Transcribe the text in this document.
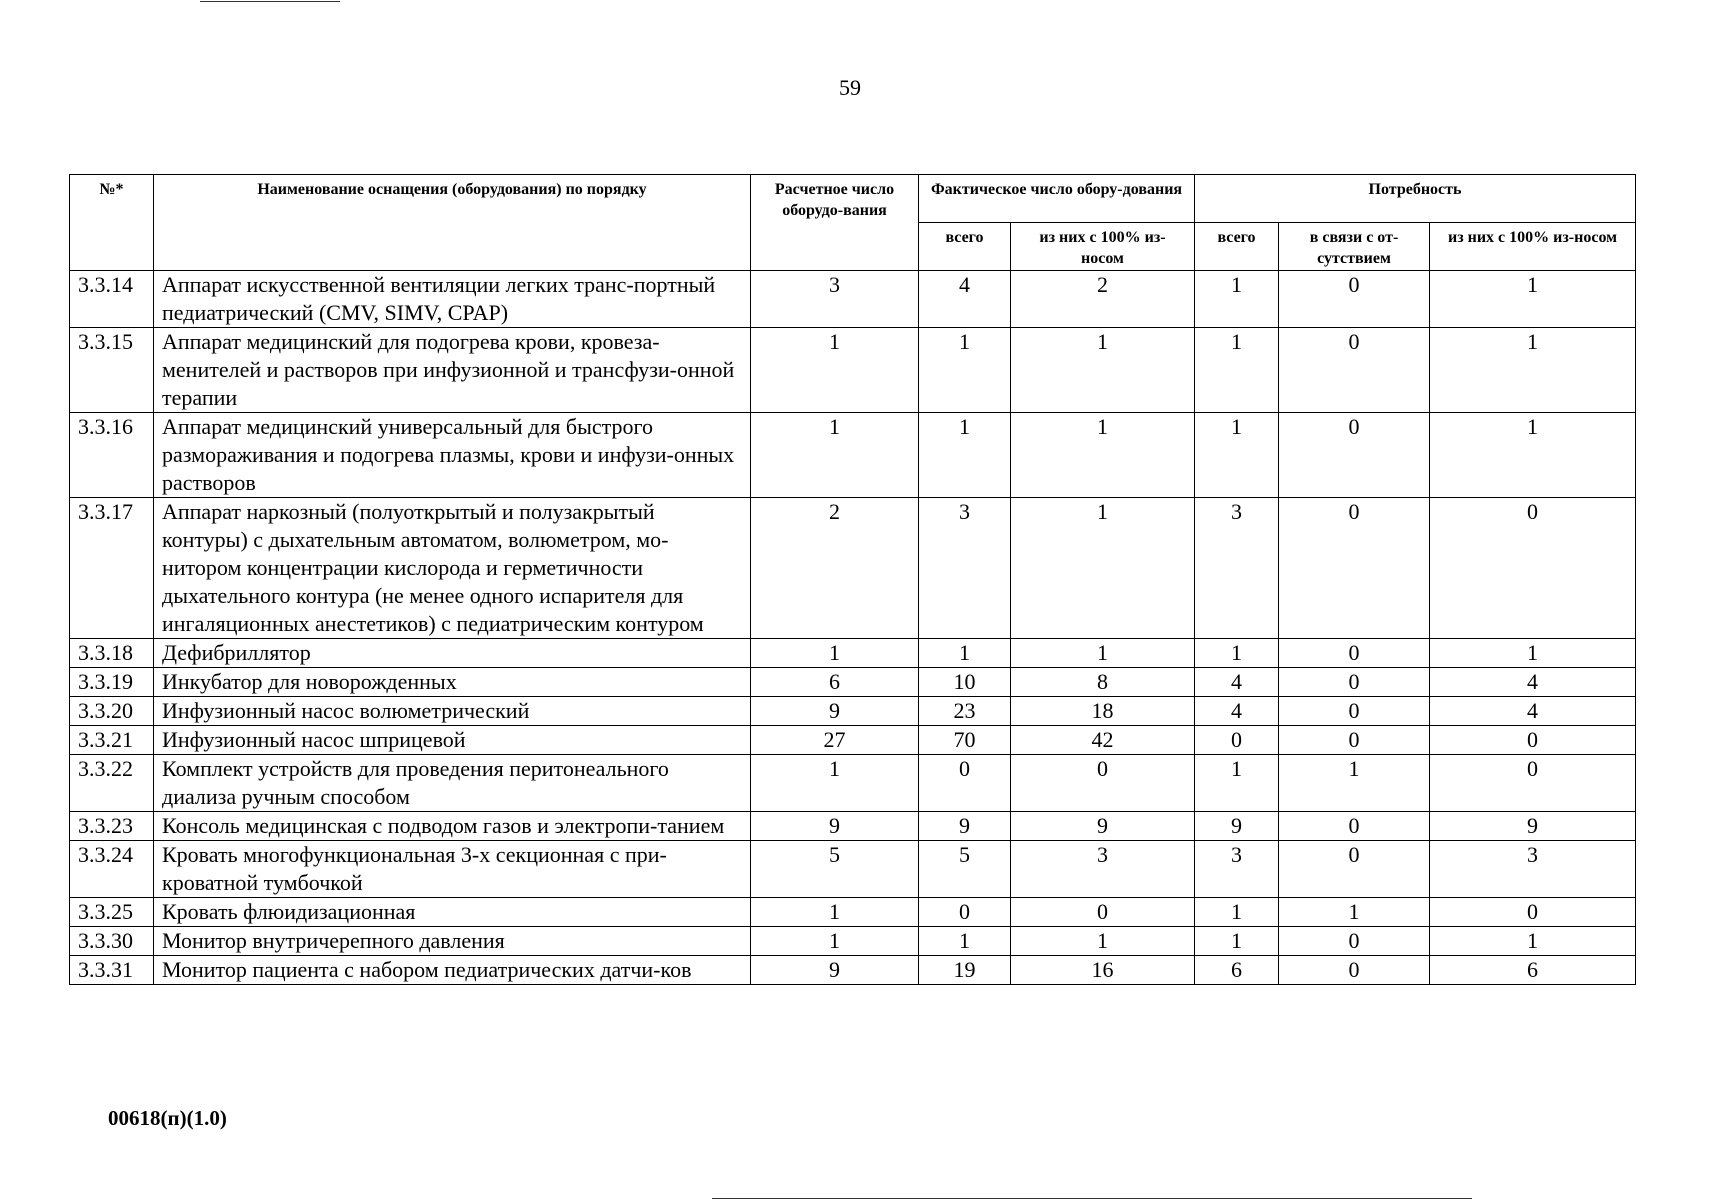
59
№*	Наименование оснащения (оборудования) по порядку	Расчетное число оборудо-вания	Фактическое число обору-дования		Потребность		
			всего	из них с 100% из-носом	всего	в связи с от-сутствием	из них с 100% из-носом
3.3.14	Аппарат искусственной вентиляции легких транс-портный педиатрический (CMV, SIMV, CPAP)	3	4	2	1	0	1
3.3.15	Аппарат медицинский для подогрева крови, кровеза-менителей и растворов при инфузионной и трансфузи-онной терапии	1	1	1	1	0	1
3.3.16	Аппарат медицинский универсальный для быстрого размораживания и подогрева плазмы, крови и инфузи-онных растворов	1	1	1	1	0	1
3.3.17	Аппарат наркозный (полуоткрытый и полузакрытый контуры) с дыхательным автоматом, волюметром, мо-нитором концентрации кислорода и герметичности дыхательного контура (не менее одного испарителя для ингаляционных анестетиков) с педиатрическим контуром	2	3	1	3	0	0
3.3.18	Дефибриллятор	1	1	1	1	0	1
3.3.19	Инкубатор для новорожденных	6	10	8	4	0	4
3.3.20	Инфузионный насос волюметрический	9	23	18	4	0	4
3.3.21	Инфузионный насос шприцевой	27	70	42	0	0	0
3.3.22	Комплект устройств для проведения перитонеального диализа ручным способом	1	0	0	1	1	0
3.3.23	Консоль медицинская с подводом газов и электропи-танием	9	9	9	9	0	9
3.3.24	Кровать многофункциональная 3-х секционная с при-кроватной тумбочкой	5	5	3	3	0	3
3.3.25	Кровать флюидизационная	1	0	0	1	1	0
3.3.30	Монитор внутричерепного давления	1	1	1	1	0	1
3.3.31	Монитор пациента с набором педиатрических датчи-ков	9	19	16	6	0	6
00618(п)(1.0)
